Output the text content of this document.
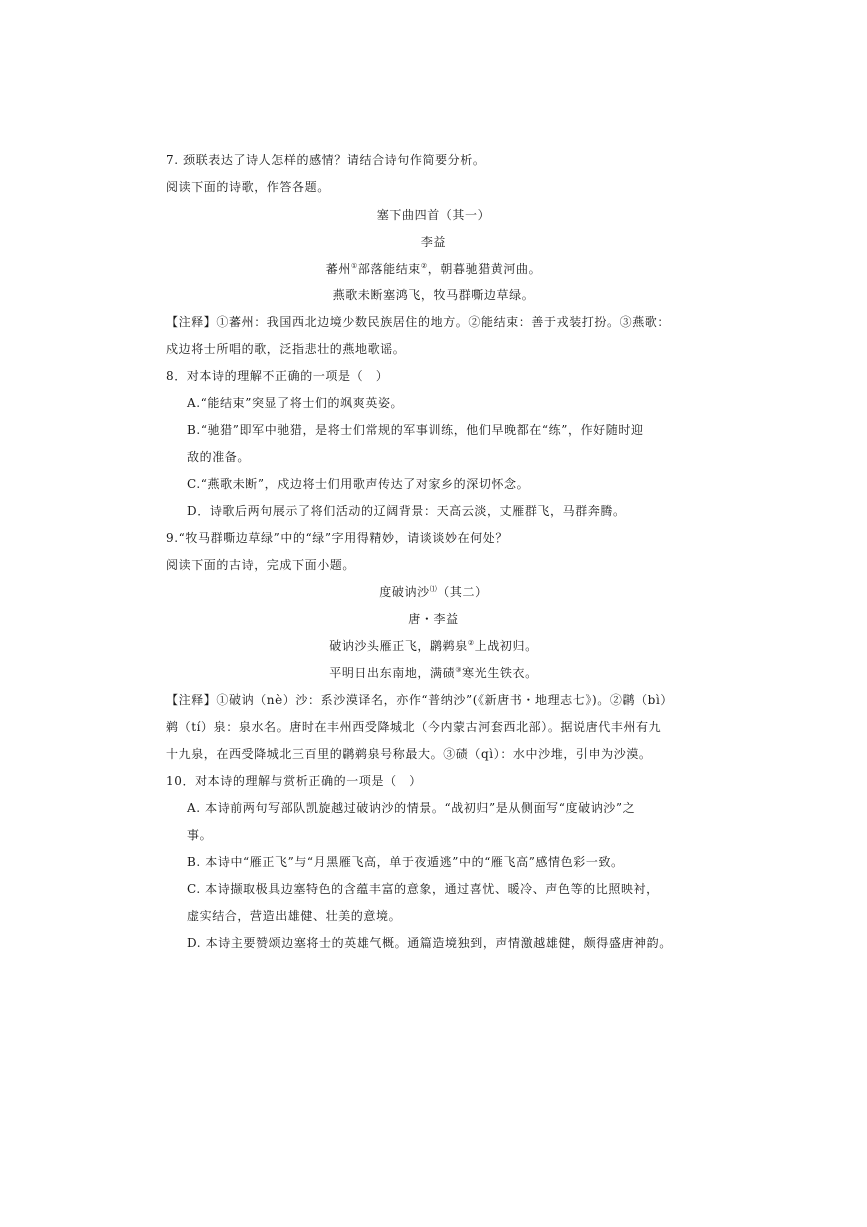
7. 颈联表达了诗人怎样的感情？请结合诗句作简要分析。
阅读下面的诗歌，作答各题。
塞下曲四首（其一）
李益
蕃州①部落能结束②，朝暮驰猎黄河曲。
燕歌未断塞鸿飞，牧马群嘶边草绿。
【注释】①蕃州：我国西北边境少数民族居住的地方。②能结束：善于戎装打扮。③燕歌：
戍边将士所唱的歌，泛指悲壮的燕地歌谣。
8．对本诗的理解不正确的一项是（　）
A.“能结束”突显了将士们的飒爽英姿。
B.“驰猎”即军中驰猎，是将士们常规的军事训练，他们早晚都在“练”，作好随时迎
敌的准备。
C.“燕歌未断”，戍边将士们用歌声传达了对家乡的深切怀念。
D．诗歌后两句展示了将们活动的辽阔背景：天高云淡，丈雁群飞，马群奔腾。
9.“牧马群嘶边草绿”中的“绿”字用得精妙，请谈谈妙在何处？
阅读下面的古诗，完成下面小题。
度破讷沙⑴（其二）
唐・李益
破讷沙头雁正飞，䴙鹈泉②上战初归。
平明日出东南地，满碛③寒光生铁衣。
【注释】①破讷（nè）沙：系沙漠译名，亦作“普纳沙”(《新唐书・地理志七》)。②䴙（bì）
鹈（tí）泉：泉水名。唐时在丰州西受降城北（今内蒙古河套西北部）。据说唐代丰州有九
十九泉，在西受降城北三百里的䴙鹈泉号称最大。③碛（qì）：水中沙堆，引申为沙漠。
10．对本诗的理解与赏析正确的一项是（　）
A. 本诗前两句写部队凯旋越过破讷沙的情景。“战初归”是从侧面写“度破讷沙”之
事。
B. 本诗中“雁正飞”与“月黑雁飞高，单于夜遁逃”中的“雁飞高”感情色彩一致。
C. 本诗撷取极具边塞特色的含蕴丰富的意象，通过喜忧、暖冷、声色等的比照映衬，
虚实结合，营造出雄健、壮美的意境。
D. 本诗主要赞颂边塞将士的英雄气概。通篇造境独到，声情激越雄健，颇得盛唐神韵。
